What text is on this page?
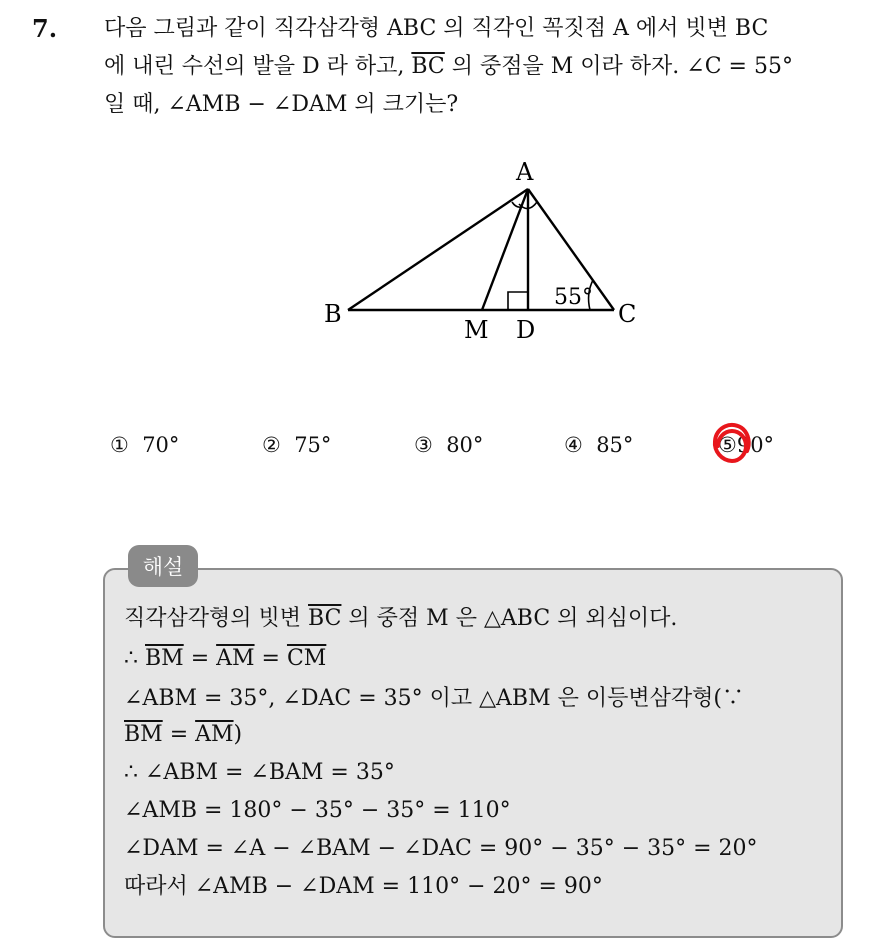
7. 다음 그림과 같이 직각삼각형 ABC 의 직각인 꼭짓점 A 에서 빗변 BC
에 내린 수선의 발을 D 라 하고, $\overline{BC}$ 의 중점을 M 이라 하자. ∠C = 55°
일 때, ∠AMB − ∠DAM 의 크기는?
A
B	C
M D
55°
① 70°	② 75°	③ 80°	④ 85°	⑤90°
해설
직각삼각형의 빗변 $\overline{BC}$ 의 중점 M 은 △ABC 의 외심이다.
∴ $\overline{BM} = \overline{AM} = \overline{CM}$
∠ABM = 35°, ∠DAC = 35° 이고 △ABM 은 이등변삼각형(∵
$\overline{BM} = \overline{AM}$)
∴ ∠ABM = ∠BAM = 35°
∠AMB = 180° − 35° − 35° = 110°
∠DAM = ∠A − ∠BAM − ∠DAC = 90° − 35° − 35° = 20°
따라서 ∠AMB − ∠DAM = 110° − 20° = 90°
